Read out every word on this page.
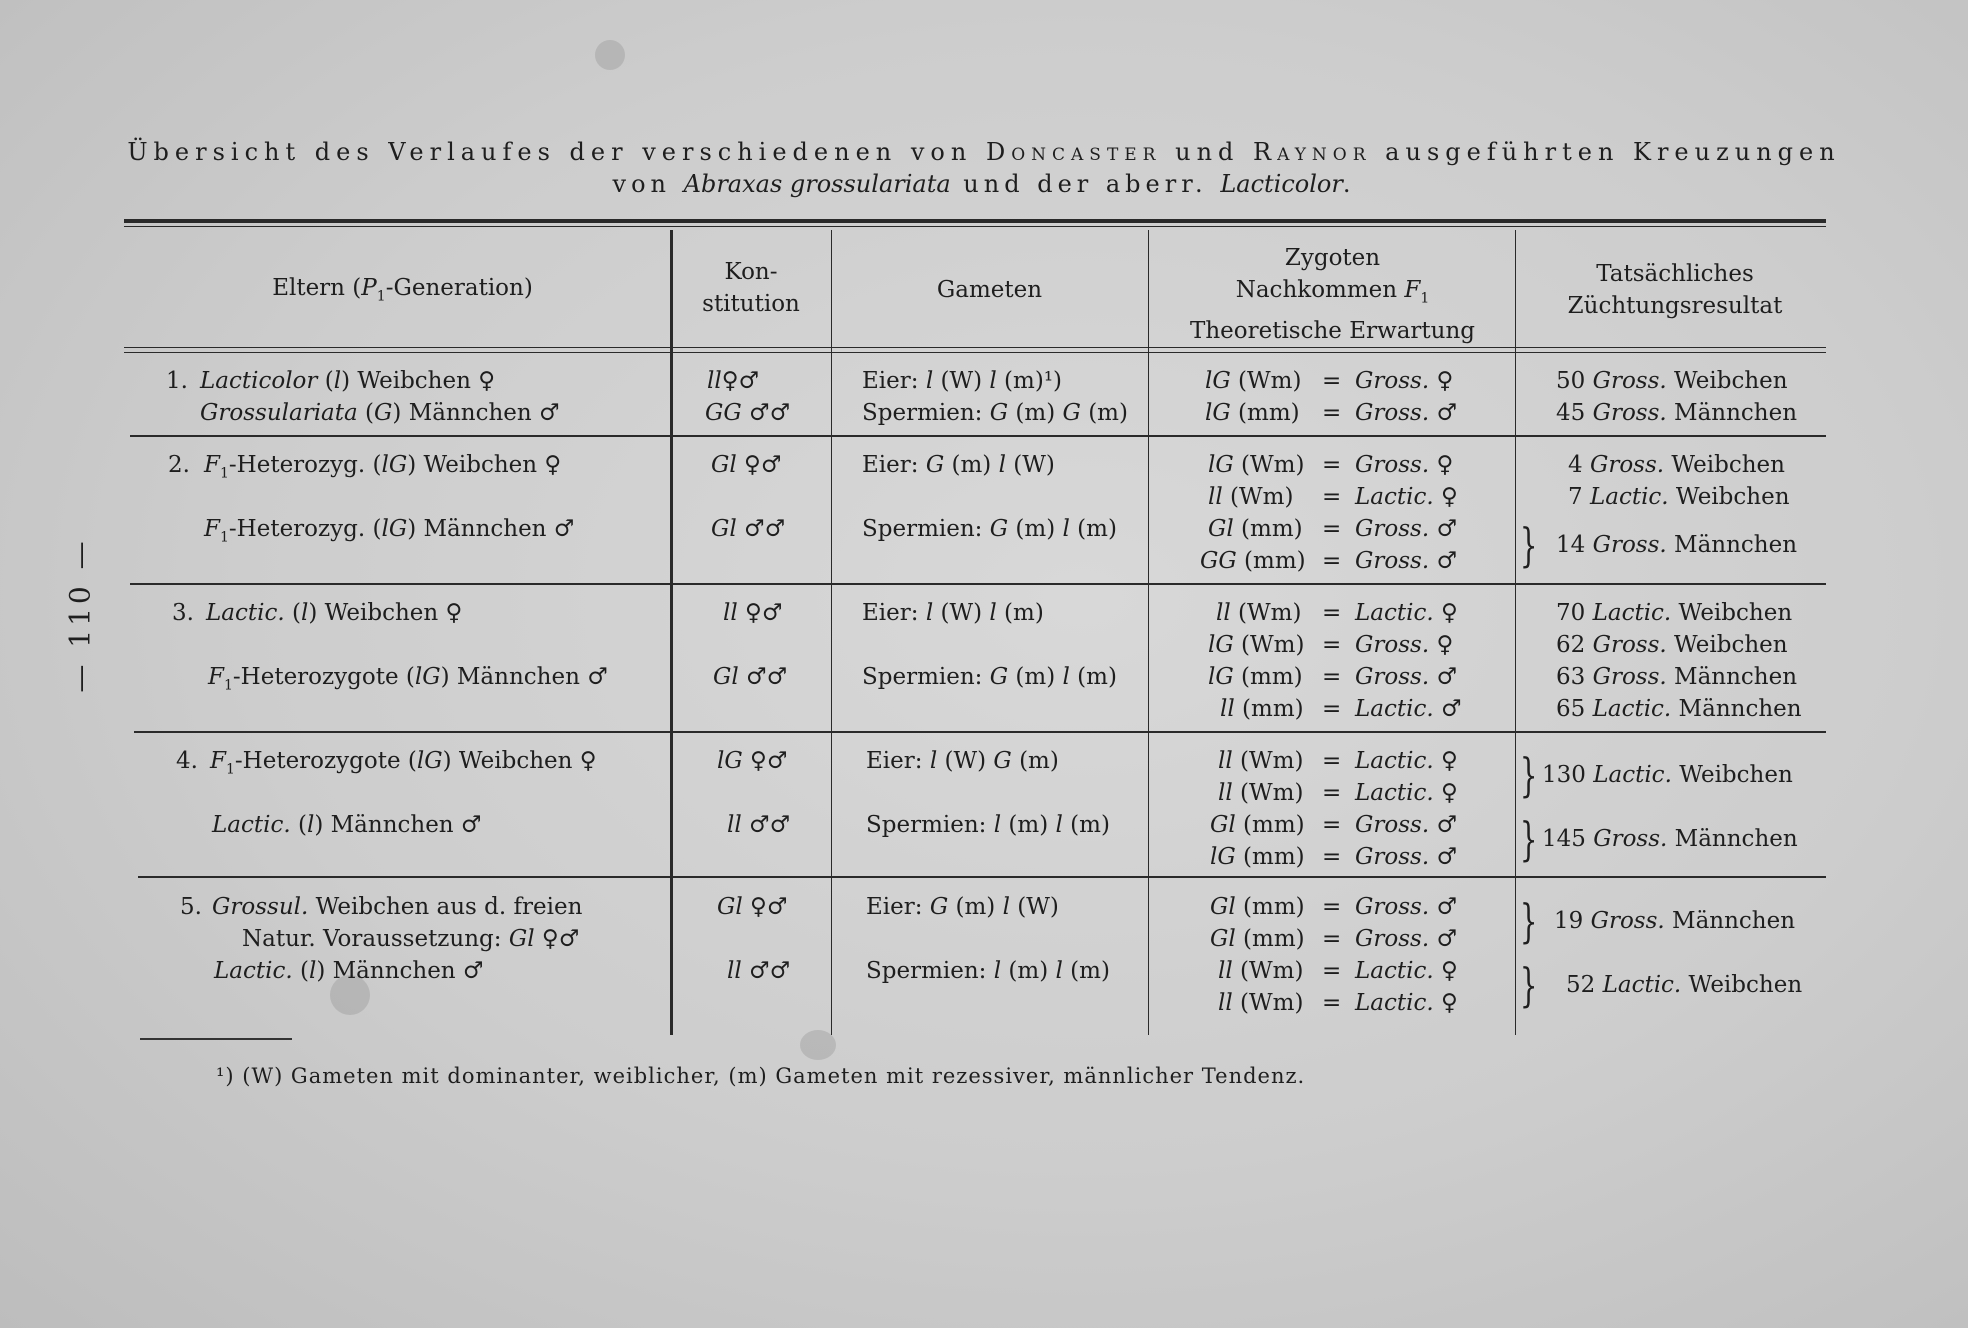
— 110 —
Übersicht des Verlaufes der verschiedenen von Doncaster und Raynor ausgeführten Kreuzungen
von Abraxas grossulariata und der aberr. Lacticolor.
Eltern $(P_1-Generation)$
Kon-
stitution
Gameten
Zygoten
Nachkommen $F_1$
Theoretische Erwartung
Tatsächliches
Züchtungsresultat
1. Lacticolor (l) Weibchen ♀
Grossulariata (G) Männchen ♂
ll♀♂
GG ♂♂
Eier: l (W) l (m)¹)
Spermien: G (m) G (m)
lG (Wm) = Gross. ♀
lG (mm) = Gross. ♂
50 Gross. Weibchen
45 Gross. Männchen
2. $F_1$-Heterozyg. (lG) Weibchen ♀
$F_1$-Heterozyg. (lG) Männchen ♂
Gl ♀♂
Gl ♂♂
Eier: G (m) l (W)
Spermien: G (m) l (m)
lG (Wm) = Gross. ♀
ll (Wm) = Lactic. ♀
Gl (mm) = Gross. ♂
GG (mm) = Gross. ♂
4 Gross. Weibchen
7 Lactic. Weibchen
} 14 Gross. Männchen
3. Lactic. (l) Weibchen ♀
$F_1$-Heterozygote (lG) Männchen ♂
ll ♀♂
Gl ♂♂
Eier: l (W) l (m)
Spermien: G (m) l (m)
ll (Wm) = Lactic. ♀
lG (Wm) = Gross. ♀
lG (mm) = Gross. ♂
ll (mm) = Lactic. ♂
70 Lactic. Weibchen
62 Gross. Weibchen
63 Gross. Männchen
65 Lactic. Männchen
4. $F_1$-Heterozygote (lG) Weibchen ♀
Lactic. (l) Männchen ♂
lG ♀♂
ll ♂♂
Eier: l (W) G (m)
Spermien: l (m) l (m)
ll (Wm) = Lactic. ♀
ll (Wm) = Lactic. ♀
Gl (mm) = Gross. ♂
lG (mm) = Gross. ♂
} 130 Lactic. Weibchen
} 145 Gross. Männchen
5. Grossul. Weibchen aus d. freien
Natur. Voraussetzung: Gl ♀♂
Lactic. (l) Männchen ♂
Gl ♀♂
ll ♂♂
Eier: G (m) l (W)
Spermien: l (m) l (m)
Gl (mm) = Gross. ♂
Gl (mm) = Gross. ♂
ll (Wm) = Lactic. ♀
ll (Wm) = Lactic. ♀
} 19 Gross. Männchen
} 52 Lactic. Weibchen
¹) (W) Gameten mit dominanter, weiblicher, (m) Gameten mit rezessiver, männlicher Tendenz.
